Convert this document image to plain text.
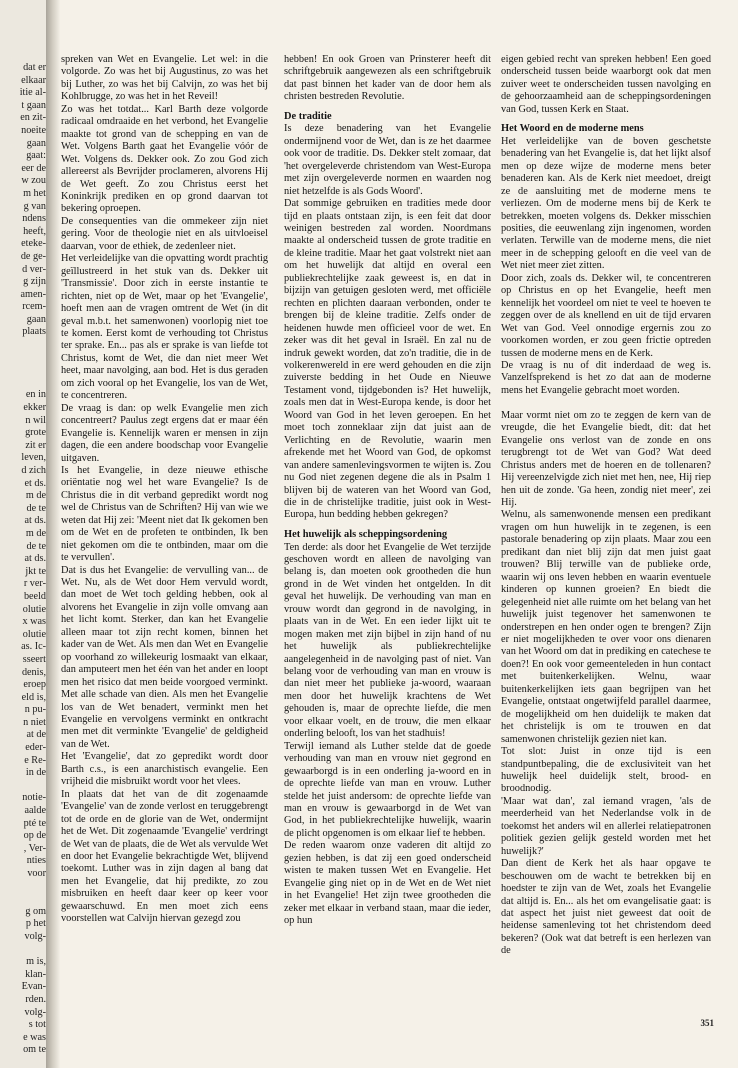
dat er
elkaar
itie al-
t gaan
en zit-
noeite
gaan
gaat:
eer de
w zou
m het
g van
ndens
heeft,
eteke-
de ge-
d ver-
g zijn
amen-
rcem-
gaan
plaats

en in
ekker
n wil
grote
zit er
leven,
d zich
et ds.
m de
de te
at ds.
m de
de te
at ds.
jkt te
r ver-
beeld
olutie
x was
olutie
as. Ic-
sseert
denis,
eroep
eld is,
n pu-
n niet
at de
eder-
e Re-
in de

notie-
aalde
pté te
op de
, Ver-
nties
voor

g om
p het
volg-

m is,
klan-
Evan-
rden.
volg-
s tot
e was
om te

spreken van Wet en Evangelie. Let wel: in die volgorde. Zo was het bij Augustinus, zo was het bij Luther, zo was het bij Calvijn, zo was het bij Kohlbrugge, zo was het in het Reveil!

Zo was het totdat... Karl Barth deze volgorde radicaal omdraaide en het verbond, het Evangelie maakte tot grond van de schepping en van de Wet. Volgens Barth gaat het Evangelie vóór de Wet. Volgens ds. Dekker ook. Zo zou God zich allereerst als Bevrijder proclameren, alvorens Hij de Wet geeft. Zo zou Christus eerst het Koninkrijk prediken en op grond daarvan tot bekering oproepen.

De consequenties van die ommekeer zijn niet gering. Voor de theologie niet en als uitvloeisel daarvan, voor de ethiek, de zedenleer niet.

Het verleidelijke van die opvatting wordt prachtig geïllustreerd in het stuk van ds. Dekker uit 'Transmissie'. Door zich in eerste instantie te richten, niet op de Wet, maar op het 'Evangelie', hoeft men aan de vragen omtrent de Wet (in dit geval m.b.t. het samenwonen) voorlopig niet toe te komen. Eerst komt de verhouding tot Christus ter sprake. En... pas als er sprake is van liefde tot Christus, komt de Wet, die dan niet meer Wet heet, maar navolging, aan bod. Het is dus geraden om zich vooral op het Evangelie, los van de Wet, te concentreren.

De vraag is dan: op welk Evangelie men zich concentreert? Paulus zegt ergens dat er maar één Evangelie is. Kennelijk waren er mensen in zijn dagen, die een andere boodschap voor Evangelie uitgaven.

Is het Evangelie, in deze nieuwe ethische oriëntatie nog wel het ware Evangelie? Is de Christus die in dit verband gepredikt wordt nog wel de Christus van de Schriften? Hij van wie we weten dat Hij zei: 'Meent niet dat Ik gekomen ben om de Wet en de profeten te ontbinden, Ik ben niet gekomen om die te ontbinden, maar om die te vervullen'.

Dat is dus het Evangelie: de vervulling van... de Wet. Nu, als de Wet door Hem vervuld wordt, dan moet de Wet toch gelding hebben, ook al alvorens het Evangelie in zijn volle omvang aan het licht komt. Sterker, dan kan het Evangelie alleen maar tot zijn recht komen, binnen het kader van de Wet. Als men dan Wet en Evangelie op voorhand zo willekeurig losmaakt van elkaar, dan amputeert men het één van het ander en loopt men het risico dat men beide voorgoed verminkt. Met alle schade van dien. Als men het Evangelie los van de Wet benadert, verminkt men het Evangelie en vervolgens verminkt en ontkracht men met dit verminkte 'Evangelie' de geldigheid van de Wet.

Het 'Evangelie', dat zo gepredikt wordt door Barth c.s., is een anarchistisch evangelie. Een vrijheid die misbruikt wordt voor het vlees.

In plaats dat het van de dit zogenaamde 'Evangelie' van de zonde verlost en teruggebrengt tot de orde en de glorie van de Wet, ondermijnt het de Wet. Dit zogenaamde 'Evangelie' verdringt de Wet van de plaats, die de Wet als vervulde Wet en door het Evangelie bekrachtigde Wet, blijvend toekomt. Luther was in zijn dagen al bang dat men het Evangelie, dat hij predikte, zo zou misbruiken en heeft daar keer op keer voor gewaarschuwd. En men moet zich eens voorstellen wat Calvijn hiervan gezegd zou

hebben! En ook Groen van Prinsterer heeft dit schriftgebruik aangewezen als een schriftgebruik dat past binnen het kader van de door hem als christen bestreden Revolutie.

De traditie

Is deze benadering van het Evangelie ondermijnend voor de Wet, dan is ze het daarmee ook voor de traditie. Ds. Dekker stelt zomaar, dat 'het overgeleverde christendom van West-Europa met zijn overgeleverde normen en waarden nog niet hetzelfde is als Gods Woord'.

Dat sommige gebruiken en tradities mede door tijd en plaats ontstaan zijn, is een feit dat door weinigen bestreden zal worden. Noordmans maakte al onderscheid tussen de grote traditie en de kleine traditie. Maar het gaat volstrekt niet aan om het huwelijk dat altijd en overal een publiekrechtelijke zaak geweest is, en dat in bijzijn van getuigen gesloten werd, met officiële rechten en plichten daaraan verbonden, onder te brengen bij de kleine traditie. Zelfs onder de heidenen huwde men officieel voor de wet. En zeker was dit het geval in Israël. En zal nu de indruk gewekt worden, dat zo'n traditie, die in de volkerenwereld in ere werd gehouden en die zijn zuiverste bedding in het Oude en Nieuwe Testament vond, tijdgebonden is? Het huwelijk, zoals men dat in West-Europa kende, is door het Woord van God in het leven geroepen. En het moet toch zonneklaar zijn dat juist aan de Verlichting en de Revolutie, waarin men afrekende met het Woord van God, de opkomst van andere samenlevingsvormen te wijten is. Zou nu God niet zegenen degene die als in Psalm 1 blijven bij de wateren van het Woord van God, die in de christelijke traditie, juist ook in West-Europa, hun bedding hebben gekregen?

Het huwelijk als scheppingsordening

Ten derde: als door het Evangelie de Wet terzijde geschoven wordt en alleen de navolging van belang is, dan moeten ook grootheden die hun grond in de Wet vinden het ontgelden. In dit geval het huwelijk. De verhouding van man en vrouw wordt dan gegrond in de navolging, in plaats van in de Wet. En een ieder lijkt uit te mogen maken met zijn bijbel in zijn hand of nu het huwelijk als publiekrechtelijke aangelegenheid in de navolging past of niet. Van belang voor de verhouding van man en vrouw is dan niet meer het publieke ja-woord, waaraan men door het huwelijk krachtens de Wet gehouden is, maar de oprechte liefde, die men voor elkaar voelt, en de trouw, die men elkaar onderling belooft, los van het stadhuis!

Terwijl iemand als Luther stelde dat de goede verhouding van man en vrouw niet gegrond en gewaarborgd is in een onderling ja-woord en in de oprechte liefde van man en vrouw. Luther stelde het juist andersom: de oprechte liefde van man en vrouw is gewaarborgd in de Wet van God, in het publiekrechtelijke huwelijk, waarin de plicht opgenomen is om elkaar lief te hebben.

De reden waarom onze vaderen dit altijd zo gezien hebben, is dat zij een goed onderscheid wisten te maken tussen Wet en Evangelie. Het Evangelie ging niet op in de Wet en de Wet niet in het Evangelie! Het zijn twee grootheden die zeker met elkaar in verband staan, maar die ieder, op hun

eigen gebied recht van spreken hebben! Een goed onderscheid tussen beide waarborgt ook dat men zuiver weet te onderscheiden tussen navolging en de gehoorzaamheid aan de scheppingsordeningen van God, tussen Kerk en Staat.

Het Woord en de moderne mens

Het verleidelijke van de boven geschetste benadering van het Evangelie is, dat het lijkt alsof men op deze wijze de moderne mens beter benaderen kan. Als de Kerk niet meedoet, dreigt ze de aansluiting met de moderne mens te verliezen. Om de moderne mens bij de Kerk te betrekken, moeten volgens ds. Dekker misschien posities, die eeuwenlang zijn ingenomen, worden verlaten. Terwille van de moderne mens, die niet meer in de schepping gelooft en die veel van de Wet niet meer ziet zitten.

Door zich, zoals ds. Dekker wil, te concentreren op Christus en op het Evangelie, heeft men kennelijk het voordeel om niet te veel te hoeven te zeggen over de als knellend en uit de tijd ervaren Wet van God. Veel onnodige ergernis zou zo voorkomen worden, er zou geen frictie optreden tussen de moderne mens en de Kerk.

De vraag is nu of dit inderdaad de weg is. Vanzelfsprekend is het zo dat aan de moderne mens het Evangelie gebracht moet worden.

Maar vormt niet om zo te zeggen de kern van de vreugde, die het Evangelie biedt, dit: dat het Evangelie ons verlost van de zonde en ons terugbrengt tot de Wet van God? Wat deed Christus anders met de hoeren en de tollenaren? Hij vereenzelvigde zich niet met hen, nee, Hij riep hen uit de zonde. 'Ga heen, zondig niet meer', zei Hij.

Welnu, als samenwonende mensen een predikant vragen om hun huwelijk in te zegenen, is een pastorale benadering op zijn plaats. Maar zou een predikant dan niet blij zijn dat men juist gaat trouwen? Blij terwille van de publieke orde, waarin wij ons leven hebben en waarin eventuele kinderen op kunnen groeien? En biedt die gelegenheid niet alle ruimte om het belang van het huwelijk juist tegenover het samenwonen te onderstrepen en hen onder ogen te brengen? Zijn er niet mogelijkheden te over voor ons dienaren van het Woord om dat in prediking en catechese te doen?! En ook voor gemeenteleden in hun contact met buitenkerkelijken. Welnu, waar buitenkerkelijken iets gaan begrijpen van het Evangelie, ontstaat ongetwijfeld parallel daarmee, de mogelijkheid om hen duidelijk te maken dat het christelijk is om te trouwen en dat samenwonen christelijk gezien niet kan.

Tot slot: Juist in onze tijd is een standpuntbepaling, die de exclusiviteit van het huwelijk heel duidelijk stelt, brood- en broodnodig.

'Maar wat dan', zal iemand vragen, 'als de meerderheid van het Nederlandse volk in de toekomst het anders wil en allerlei relatiepatronen politiek gezien gelijk gesteld worden met het huwelijk?'

Dan dient de Kerk het als haar opgave te beschouwen om de wacht te betrekken bij en hoedster te zijn van de Wet, zoals het Evangelie dat altijd is. En... als het om evangelisatie gaat: is dat aspect het juist niet geweest dat ooit de heidense samenleving tot het christendom deed bekeren? (Ook wat dat betreft is een herlezen van de

351
